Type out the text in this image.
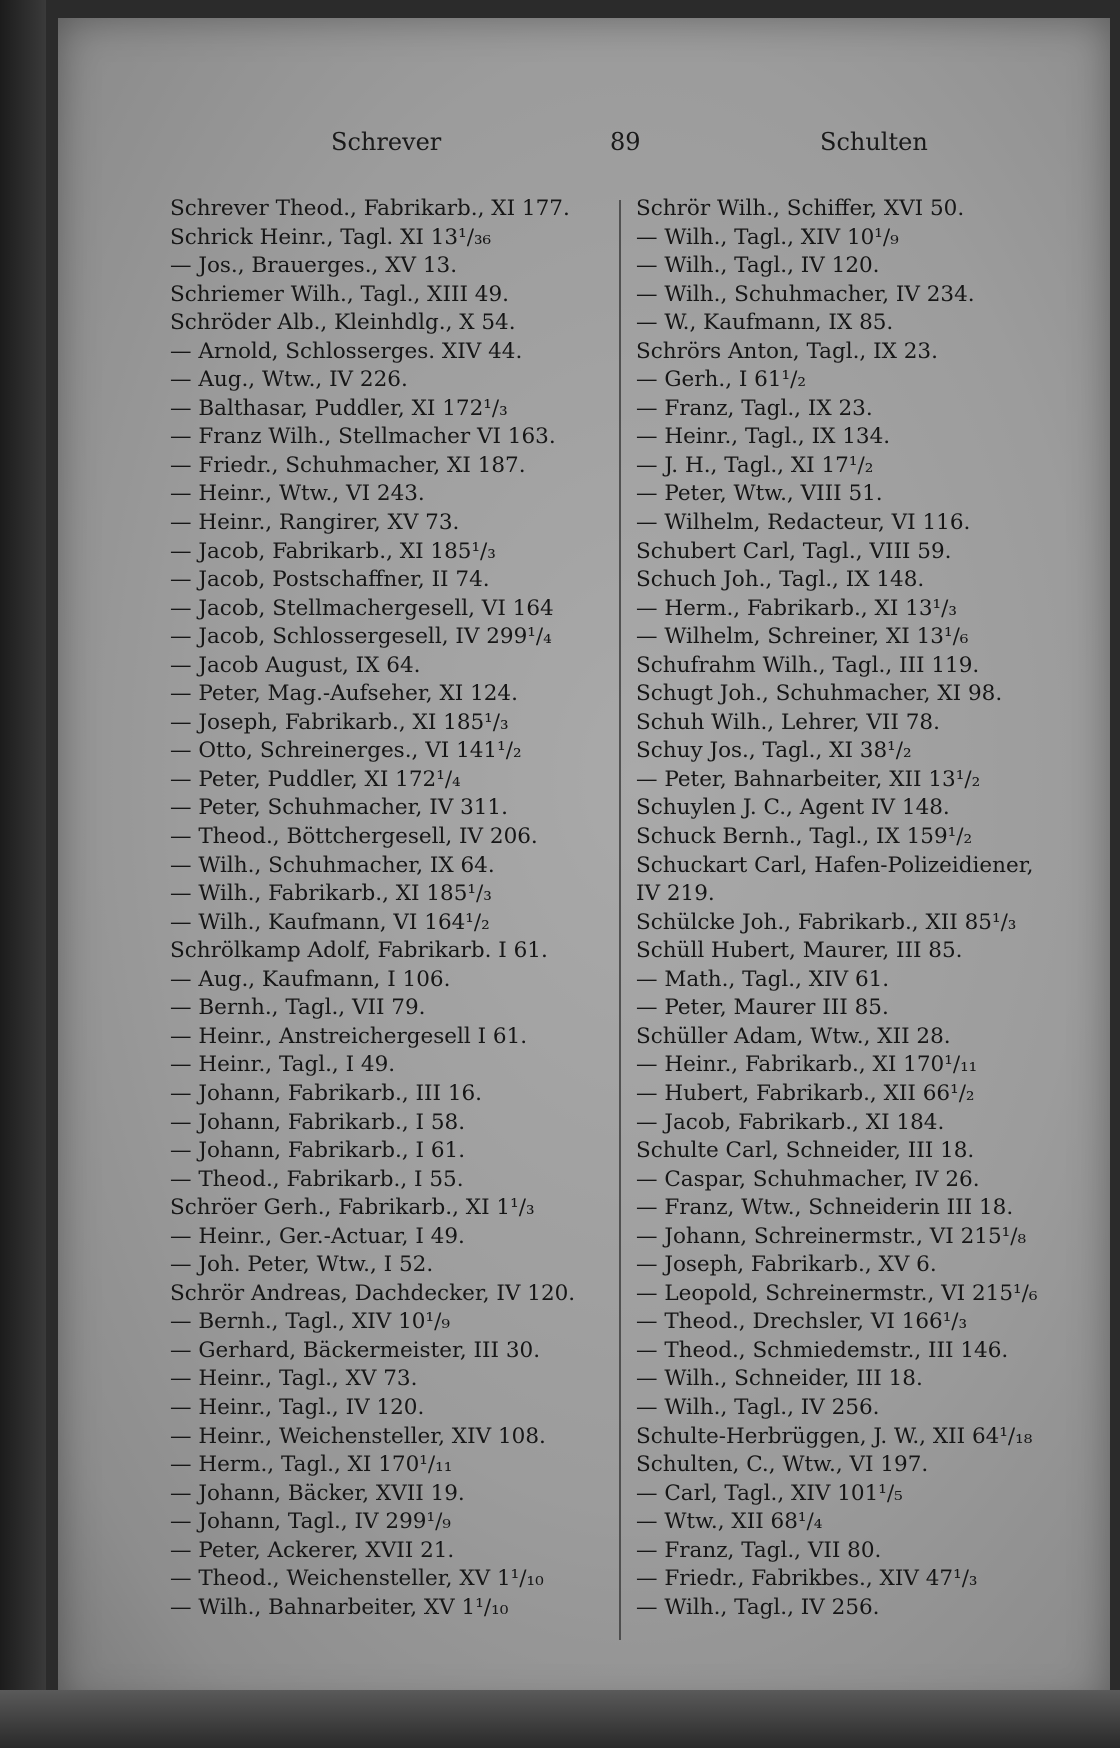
Schrever	89	Schulten
Schrever Theod., Fabrikarb., XI 177.
Schrick Heinr., Tagl. XI 13¹/₃₆
— Jos., Brauerges., XV 13.
Schriemer Wilh., Tagl., XIII 49.
Schröder Alb., Kleinhdlg., X 54.
— Arnold, Schlosserges. XIV 44.
— Aug., Wtw., IV 226.
— Balthasar, Puddler, XI 172¹/₃
— Franz Wilh., Stellmacher VI 163.
— Friedr., Schuhmacher, XI 187.
— Heinr., Wtw., VI 243.
— Heinr., Rangirer, XV 73.
— Jacob, Fabrikarb., XI 185¹/₃
— Jacob, Postschaffner, II 74.
— Jacob, Stellmachergesell, VI 164
— Jacob, Schlossergesell, IV 299¹/₄
— Jacob August, IX 64.
— Peter, Mag.-Aufseher, XI 124.
— Joseph, Fabrikarb., XI 185¹/₃
— Otto, Schreinerges., VI 141¹/₂
— Peter, Puddler, XI 172¹/₄
— Peter, Schuhmacher, IV 311.
— Theod., Böttchergesell, IV 206.
— Wilh., Schuhmacher, IX 64.
— Wilh., Fabrikarb., XI 185¹/₃
— Wilh., Kaufmann, VI 164¹/₂
Schrölkamp Adolf, Fabrikarb. I 61.
— Aug., Kaufmann, I 106.
— Bernh., Tagl., VII 79.
— Heinr., Anstreichergesell I 61.
— Heinr., Tagl., I 49.
— Johann, Fabrikarb., III 16.
— Johann, Fabrikarb., I 58.
— Johann, Fabrikarb., I 61.
— Theod., Fabrikarb., I 55.
Schröer Gerh., Fabrikarb., XI 1¹/₃
— Heinr., Ger.-Actuar, I 49.
— Joh. Peter, Wtw., I 52.
Schrör Andreas, Dachdecker, IV 120.
— Bernh., Tagl., XIV 10¹/₉
— Gerhard, Bäckermeister, III 30.
— Heinr., Tagl., XV 73.
— Heinr., Tagl., IV 120.
— Heinr., Weichensteller, XIV 108.
— Herm., Tagl., XI 170¹/₁₁
— Johann, Bäcker, XVII 19.
— Johann, Tagl., IV 299¹/₉
— Peter, Ackerer, XVII 21.
— Theod., Weichensteller, XV 1¹/₁₀
— Wilh., Bahnarbeiter, XV 1¹/₁₀
Schrör Wilh., Schiffer, XVI 50.
— Wilh., Tagl., XIV 10¹/₉
— Wilh., Tagl., IV 120.
— Wilh., Schuhmacher, IV 234.
— W., Kaufmann, IX 85.
Schrörs Anton, Tagl., IX 23.
— Gerh., I 61¹/₂
— Franz, Tagl., IX 23.
— Heinr., Tagl., IX 134.
— J. H., Tagl., XI 17¹/₂
— Peter, Wtw., VIII 51.
— Wilhelm, Redacteur, VI 116.
Schubert Carl, Tagl., VIII 59.
Schuch Joh., Tagl., IX 148.
— Herm., Fabrikarb., XI 13¹/₃
— Wilhelm, Schreiner, XI 13¹/₆
Schufrahm Wilh., Tagl., III 119.
Schugt Joh., Schuhmacher, XI 98.
Schuh Wilh., Lehrer, VII 78.
Schuy Jos., Tagl., XI 38¹/₂
— Peter, Bahnarbeiter, XII 13¹/₂
Schuylen J. C., Agent IV 148.
Schuck Bernh., Tagl., IX 159¹/₂
Schuckart Carl, Hafen-Polizeidiener,
IV 219.
Schülcke Joh., Fabrikarb., XII 85¹/₃
Schüll Hubert, Maurer, III 85.
— Math., Tagl., XIV 61.
— Peter, Maurer III 85.
Schüller Adam, Wtw., XII 28.
— Heinr., Fabrikarb., XI 170¹/₁₁
— Hubert, Fabrikarb., XII 66¹/₂
— Jacob, Fabrikarb., XI 184.
Schulte Carl, Schneider, III 18.
— Caspar, Schuhmacher, IV 26.
— Franz, Wtw., Schneiderin III 18.
— Johann, Schreinermstr., VI 215¹/₈
— Joseph, Fabrikarb., XV 6.
— Leopold, Schreinermstr., VI 215¹/₆
— Theod., Drechsler, VI 166¹/₃
— Theod., Schmiedemstr., III 146.
— Wilh., Schneider, III 18.
— Wilh., Tagl., IV 256.
Schulte-Herbrüggen, J. W., XII 64¹/₁₈
Schulten, C., Wtw., VI 197.
— Carl, Tagl., XIV 101¹/₅
— Wtw., XII 68¹/₄
— Franz, Tagl., VII 80.
— Friedr., Fabrikbes., XIV 47¹/₃
— Wilh., Tagl., IV 256.
